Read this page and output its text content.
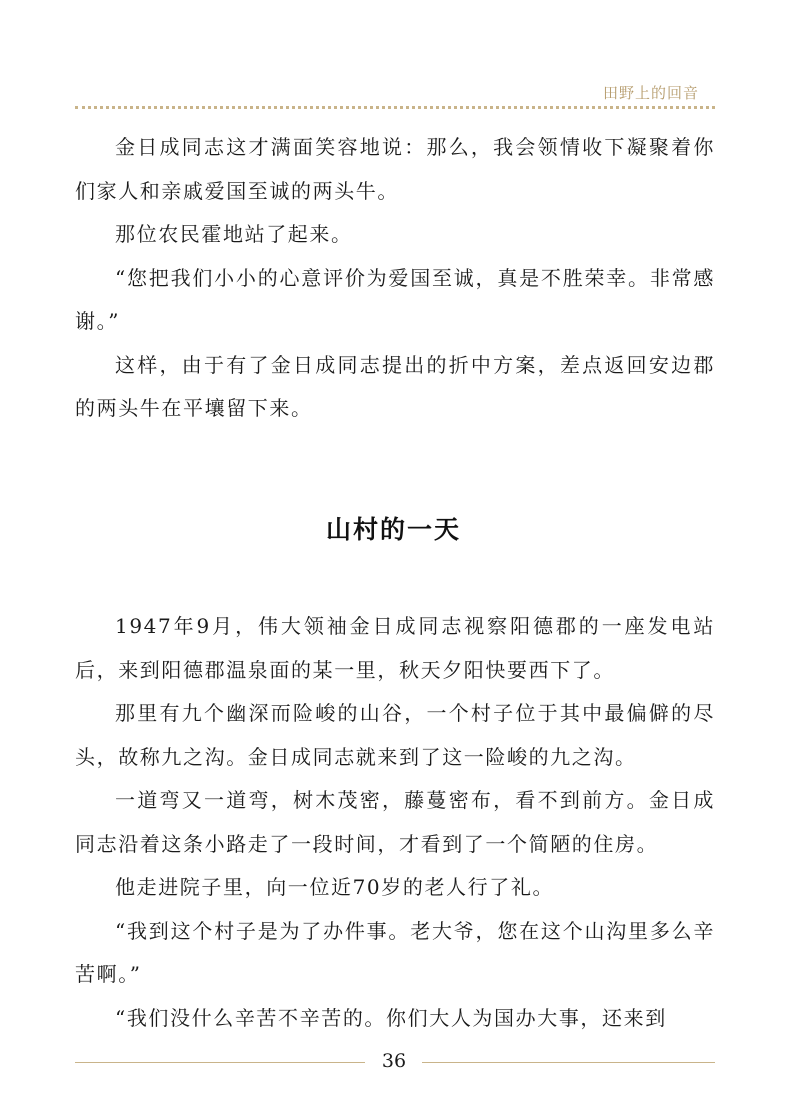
田野上的回音

金日成同志这才满面笑容地说：那么，我会领情收下凝聚着你们家人和亲戚爱国至诚的两头牛。

那位农民霍地站了起来。

“您把我们小小的心意评价为爱国至诚，真是不胜荣幸。非常感谢。”

这样，由于有了金日成同志提出的折中方案，差点返回安边郡的两头牛在平壤留下来。

山村的一天

1947年9月，伟大领袖金日成同志视察阳德郡的一座发电站后，来到阳德郡温泉面的某一里，秋天夕阳快要西下了。

那里有九个幽深而险峻的山谷，一个村子位于其中最偏僻的尽头，故称九之沟。金日成同志就来到了这一险峻的九之沟。

一道弯又一道弯，树木茂密，藤蔓密布，看不到前方。金日成同志沿着这条小路走了一段时间，才看到了一个简陋的住房。

他走进院子里，向一位近70岁的老人行了礼。

“我到这个村子是为了办件事。老大爷，您在这个山沟里多么辛苦啊。”

“我们没什么辛苦不辛苦的。你们大人为国办大事，还来到

36
